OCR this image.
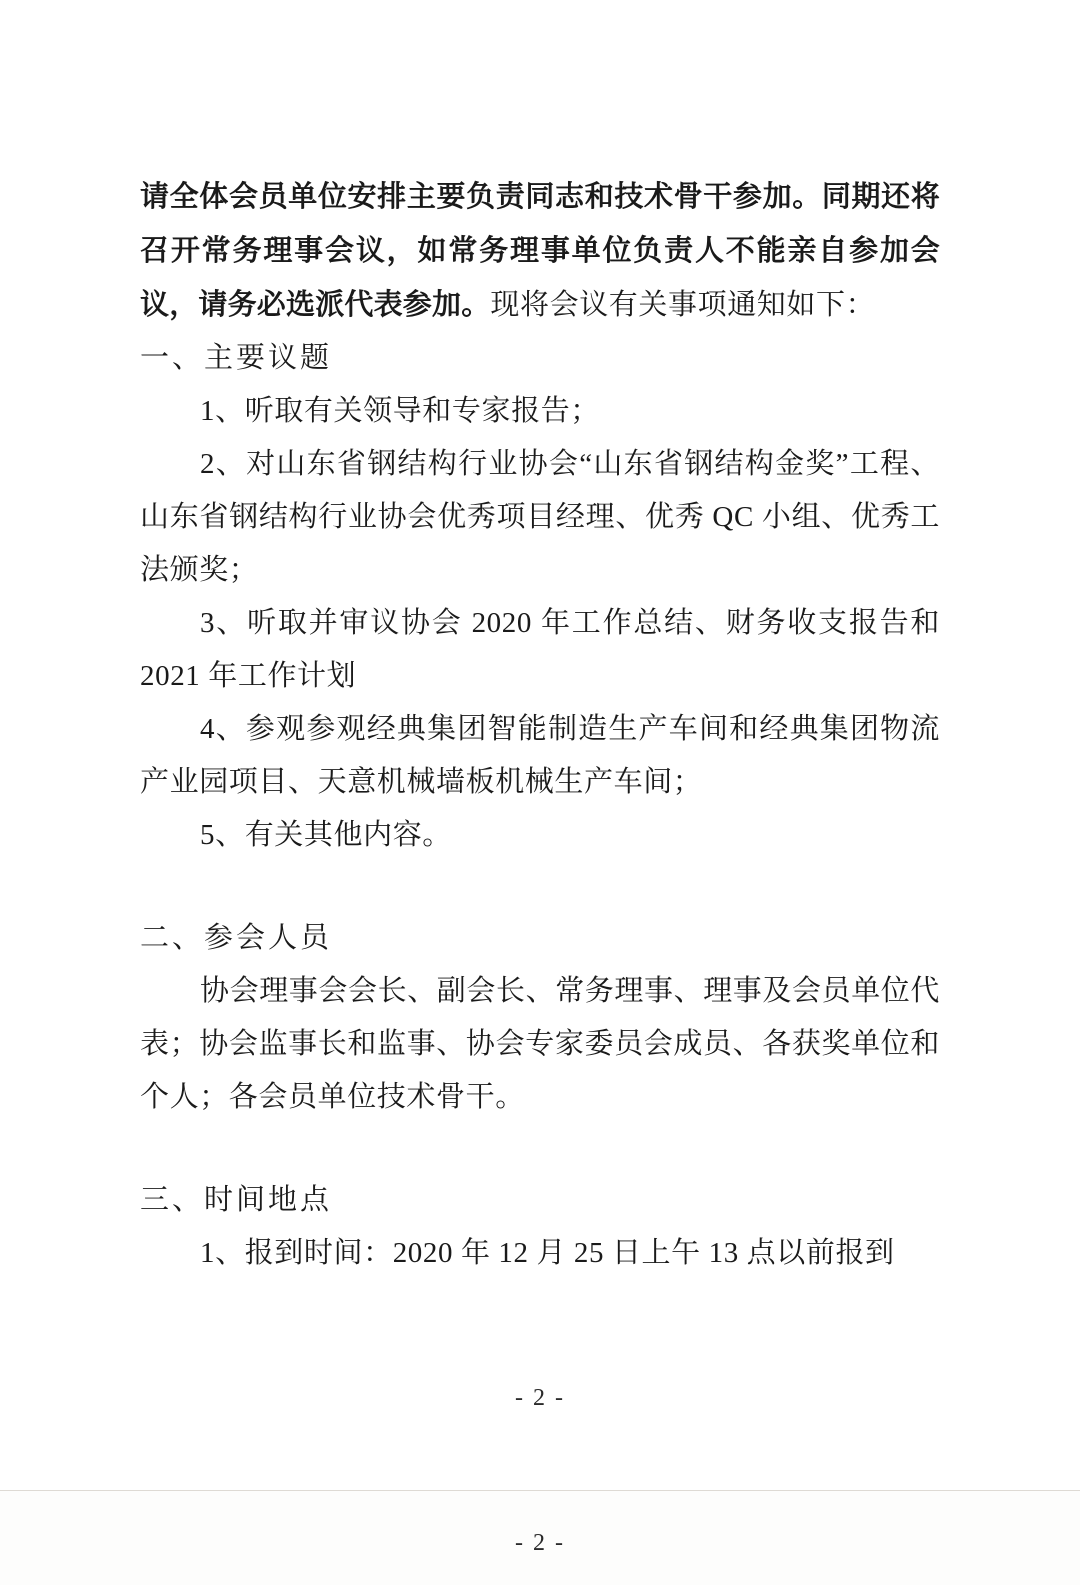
请全体会员单位安排主要负责同志和技术骨干参加。同期还将召开常务理事会议，如常务理事单位负责人不能亲自参加会议，请务必选派代表参加。现将会议有关事项通知如下：

一、主要议题

1、听取有关领导和专家报告；

2、对山东省钢结构行业协会“山东省钢结构金奖”工程、山东省钢结构行业协会优秀项目经理、优秀 QC 小组、优秀工法颁奖；

3、听取并审议协会 2020 年工作总结、财务收支报告和 2021 年工作计划

4、参观参观经典集团智能制造生产车间和经典集团物流产业园项目、天意机械墙板机械生产车间；

5、有关其他内容。

二、参会人员

协会理事会会长、副会长、常务理事、理事及会员单位代表；协会监事长和监事、协会专家委员会成员、各获奖单位和个人；各会员单位技术骨干。

三、时间地点

1、报到时间：2020 年 12 月 25 日上午 13 点以前报到

- 2 -
- 2 -
